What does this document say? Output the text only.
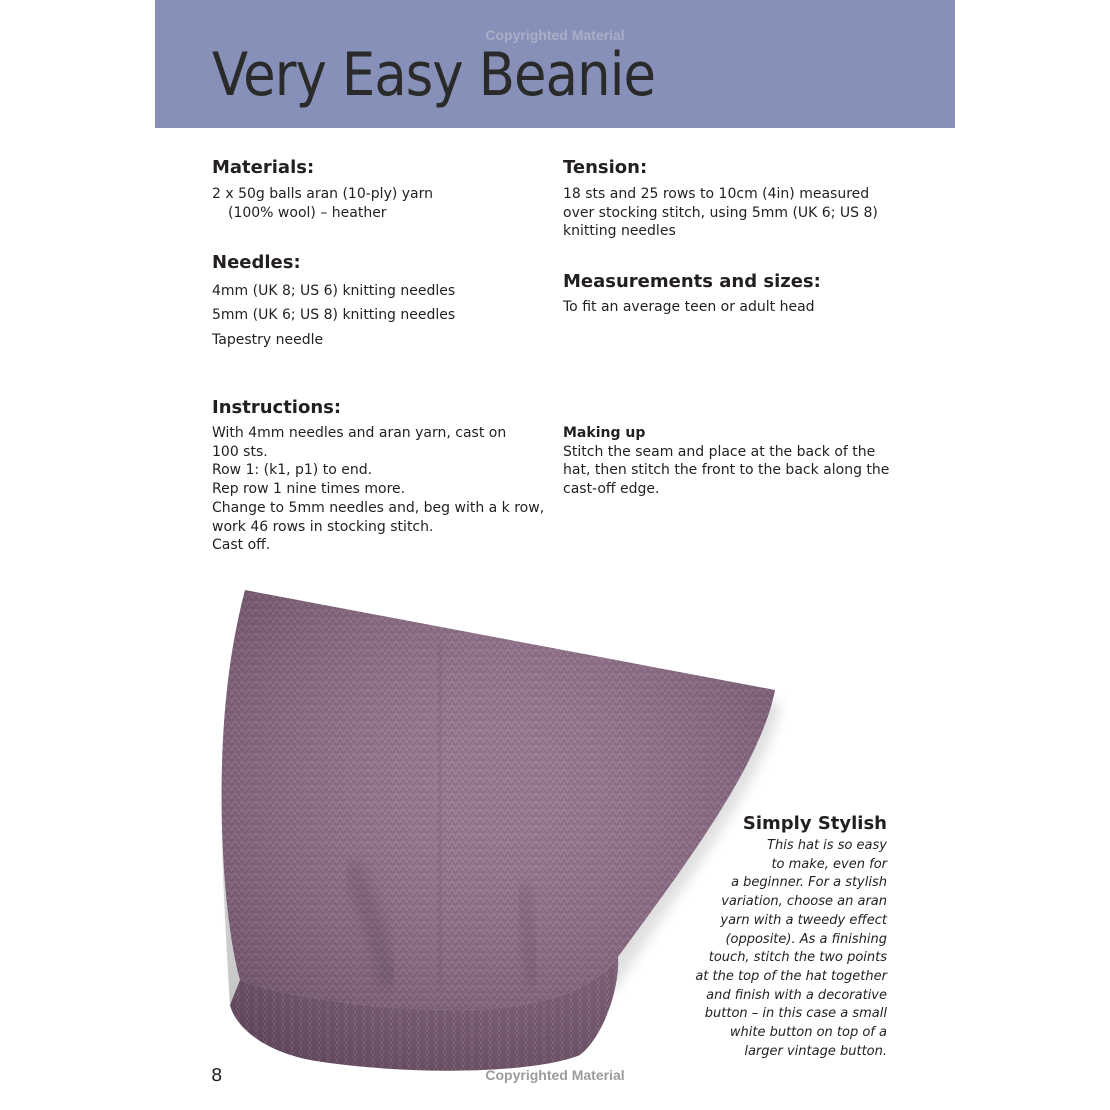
Copyrighted Material
Very Easy Beanie
Materials:
2 x 50g balls aran (10-ply) yarn
(100% wool) – heather
Needles:
4mm (UK 8; US 6) knitting needles
5mm (UK 6; US 8) knitting needles
Tapestry needle
Tension:
18 sts and 25 rows to 10cm (4in) measured
over stocking stitch, using 5mm (UK 6; US 8)
knitting needles
Measurements and sizes:
To fit an average teen or adult head
Instructions:
With 4mm needles and aran yarn, cast on
100 sts.
Row 1: (k1, p1) to end.
Rep row 1 nine times more.
Change to 5mm needles and, beg with a k row,
work 46 rows in stocking stitch.
Cast off.
Making up
Stitch the seam and place at the back of the
hat, then stitch the front to the back along the
cast-off edge.
Simply Stylish
This hat is so easy
to make, even for
a beginner. For a stylish
variation, choose an aran
yarn with a tweedy effect
(opposite). As a finishing
touch, stitch the two points
at the top of the hat together
and finish with a decorative
button – in this case a small
white button on top of a
larger vintage button.
8	Copyrighted Material
